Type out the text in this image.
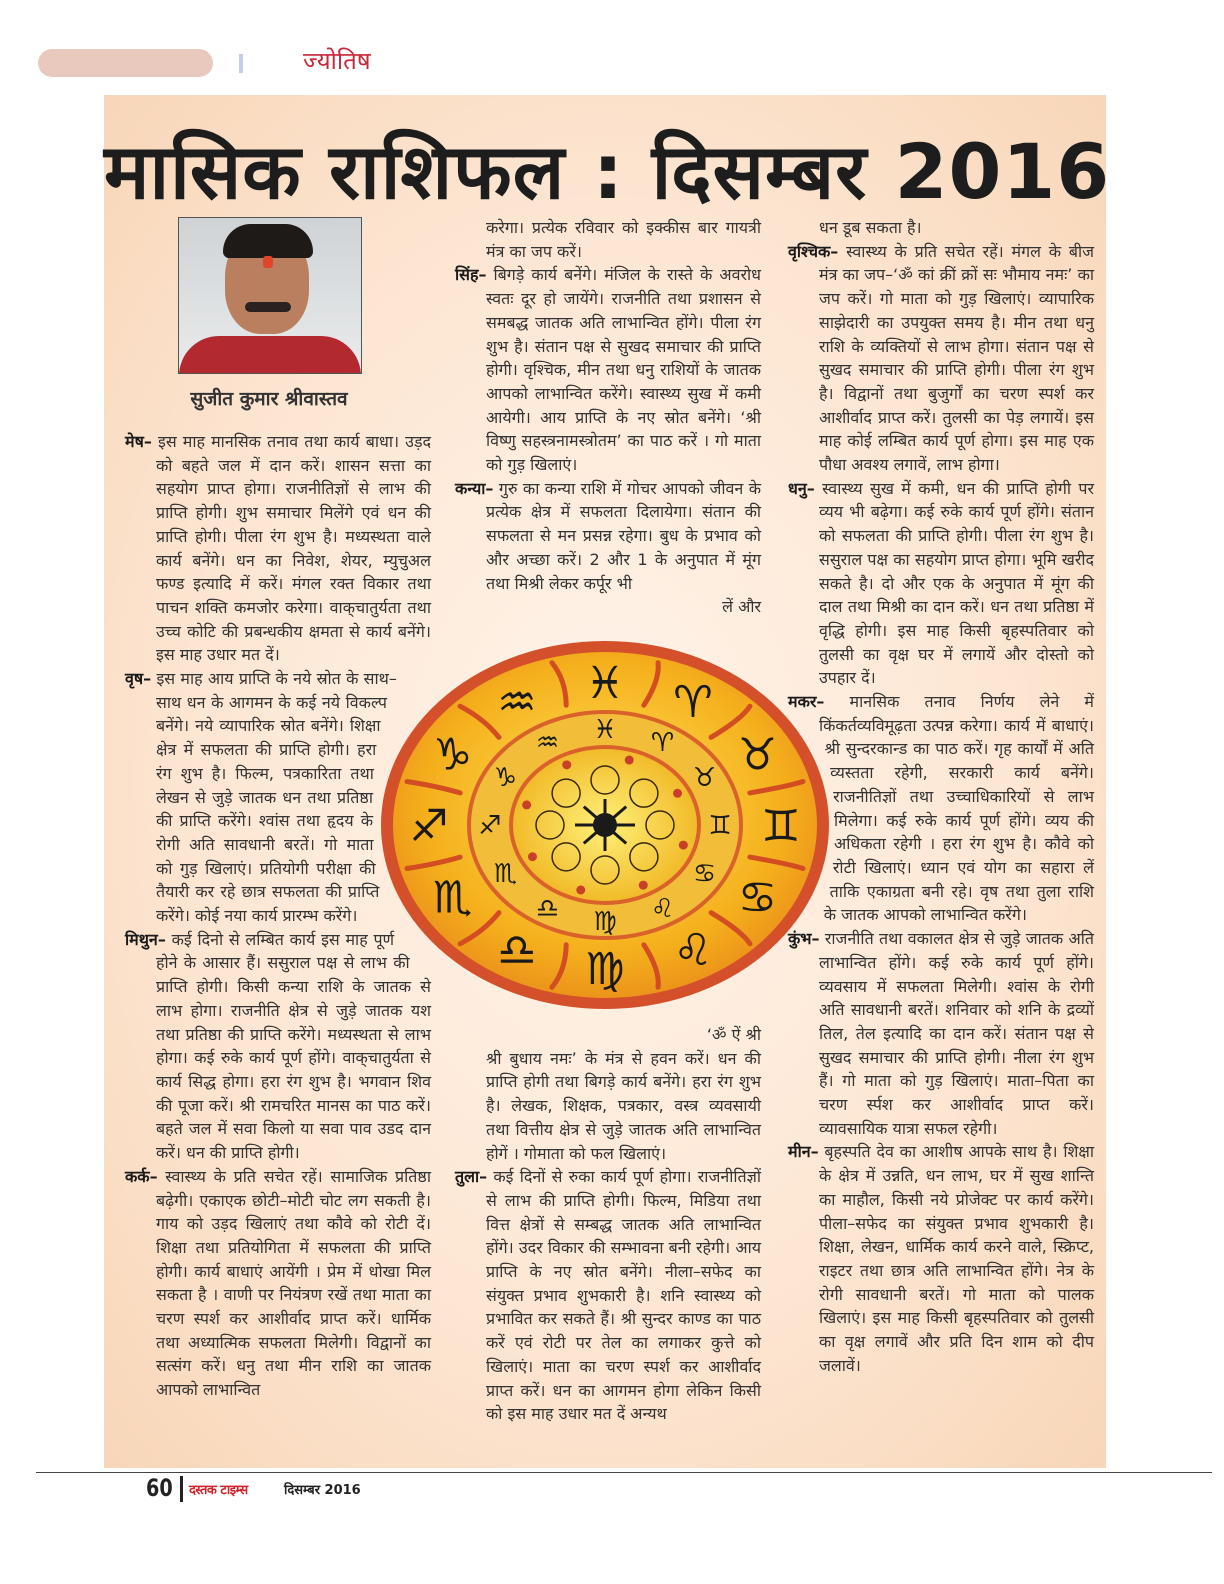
ज्योतिष
मासिक राशिफल : दिसम्बर 2016
सुजीत कुमार श्रीवास्तव

मेष– इस माह मानसिक तनाव तथा कार्य बाधा। उड़द को बहते जल में दान करें। शासन सत्ता का सहयोग प्राप्त होगा। राजनीतिज्ञों से लाभ की प्राप्ति होगी। शुभ समाचार मिलेंगे एवं धन की प्राप्ति होगी। पीला रंग शुभ है। मध्यस्थता वाले कार्य बनेंगे। धन का निवेश, शेयर, म्युचुअल फण्ड इत्यादि में करें। मंगल रक्त विकार तथा पाचन शक्ति कमजोर करेगा। वाक्‌चातुर्यता तथा उच्च कोटि की प्रबन्धकीय क्षमता से कार्य बनेंगे। इस माह उधार मत दें।

वृष– इस माह आय प्राप्ति के नये स्रोत के साथ–साथ धन के आगमन के कई नये विकल्प बनेंगे। नये व्यापारिक स्रोत बनेंगे। शिक्षा क्षेत्र में सफलता की प्राप्ति होगी। हरा रंग शुभ है। फिल्म, पत्रकारिता तथा लेखन से जुड़े जातक धन तथा प्रतिष्ठा की प्राप्ति करेंगे। श्वांस तथा हृदय के रोगी अति सावधानी बरतें। गो माता को गुड़ खिलाएं। प्रतियोगी परीक्षा की तैयारी कर रहे छात्र सफलता की प्राप्ति करेंगे। कोई नया कार्य प्रारम्भ करेंगे।

मिथुन– कई दिनो से लम्बित कार्य इस माह पूर्ण होने के आसार हैं। ससुराल पक्ष से लाभ की प्राप्ति होगी। किसी कन्या राशि के जातक से लाभ होगा। राजनीति क्षेत्र से जुड़े जातक यश तथा प्रतिष्ठा की प्राप्ति करेंगे। मध्यस्थता से लाभ होगा। कई रुके कार्य पूर्ण होंगे। वाक्‌चातुर्यता से कार्य सिद्ध होगा। हरा रंग शुभ है। भगवान शिव की पूजा करें। श्री रामचरित मानस का पाठ करें। बहते जल में सवा किलो या सवा पाव उडद दान करें। धन की प्राप्ति होगी।

कर्क– स्वास्थ्य के प्रति सचेत रहें। सामाजिक प्रतिष्ठा बढ़ेगी। एकाएक छोटी–मोटी चोट लग सकती है। गाय को उड़द खिलाएं तथा कौवे को रोटी दें। शिक्षा तथा प्रतियोगिता में सफलता की प्राप्ति होगी। कार्य बाधाएं आयेंगी । प्रेम में धोखा मिल सकता है । वाणी पर नियंत्रण रखें तथा माता का चरण स्पर्श कर आशीर्वाद प्राप्त करें। धार्मिक तथा अध्यात्मिक सफलता मिलेगी। विद्वानों का सत्संग करें। धनु तथा मीन राशि का जातक आपको लाभान्वित

करेगा। प्रत्येक रविवार को इक्कीस बार गायत्री मंत्र का जप करें।

सिंह– बिगड़े कार्य बनेंगे। मंजिल के रास्ते के अवरोध स्वतः दूर हो जायेंगे। राजनीति तथा प्रशासन से समबद्ध जातक अति लाभान्वित होंगे। पीला रंग शुभ है। संतान पक्ष से सुखद समाचार की प्राप्ति होगी। वृश्चिक, मीन तथा धनु राशियों के जातक आपको लाभान्वित करेंगे। स्वास्थ्य सुख में कमी आयेगी। आय प्राप्ति के नए स्रोत बनेंगे। ‘श्री विष्णु सहस्त्रनामस्त्रोतम’ का पाठ करें । गो माता को गुड़ खिलाएं।

कन्या– गुरु का कन्या राशि में गोचर आपको जीवन के प्रत्येक क्षेत्र में सफलता दिलायेगा। संतान की सफलता से मन प्रसन्न रहेगा। बुध के प्रभाव को और अच्छा करें। 2 और 1 के अनुपात में मूंग तथा मिश्री लेकर कर्पूर भी

लें और

♓ ♈
♉
♊
♋
♌
♍
♎
♏
♐
♑
♒
♓ ♈
♉
♊
♋
♌
♍
♎
♏
♐
♑
♒

‘ॐ ऐं श्री

श्री बुधाय नमः’ के मंत्र से हवन करें। धन की प्राप्ति होगी तथा बिगड़े कार्य बनेंगे। हरा रंग शुभ है। लेखक, शिक्षक, पत्रकार, वस्त्र व्यवसायी तथा वित्तीय क्षेत्र से जुड़े जातक अति लाभान्वित होगें । गोमाता को फल खिलाएं।

तुला– कई दिनों से रुका कार्य पूर्ण होगा। राजनीतिज्ञों से लाभ की प्राप्ति होगी। फिल्म, मिडिया तथा वित्त क्षेत्रों से सम्बद्ध जातक अति लाभान्वित होंगे। उदर विकार की सम्भावना बनी रहेगी। आय प्राप्ति के नए स्रोत बनेंगे। नीला–सफेद का संयुक्त प्रभाव शुभकारी है। शनि स्वास्थ्य को प्रभावित कर सकते हैं। श्री सुन्दर काण्ड का पाठ करें एवं रोटी पर तेल का लगाकर कुत्ते को खिलाएं। माता का चरण स्पर्श कर आशीर्वाद प्राप्त करें। धन का आगमन होगा लेकिन किसी को इस माह उधार मत दें अन्यथ

धन डूब सकता है।

वृश्चिक– स्वास्थ्य के प्रति सचेत रहें। मंगल के बीज मंत्र का जप–‘ॐ कां क्रीं क्रों सः भौमाय नमः’ का जप करें। गो माता को गुड़ खिलाएं। व्यापारिक साझेदारी का उपयुक्त समय है। मीन तथा धनु राशि के व्यक्तियों से लाभ होगा। संतान पक्ष से सुखद समाचार की प्राप्ति होगी। पीला रंग शुभ है। विद्वानों तथा बुजुर्गों का चरण स्पर्श कर आशीर्वाद प्राप्त करें। तुलसी का पेड़ लगायें। इस माह कोई लम्बित कार्य पूर्ण होगा। इस माह एक पौधा अवश्य लगावें, लाभ होगा।

धनु– स्वास्थ्य सुख में कमी, धन की प्राप्ति होगी पर व्यय भी बढ़ेगा। कई रुके कार्य पूर्ण होंगे। संतान को सफलता की प्राप्ति होगी। पीला रंग शुभ है। ससुराल पक्ष का सहयोग प्राप्त होगा। भूमि खरीद सकते है। दो और एक के अनुपात में मूंग की दाल तथा मिश्री का दान करें। धन तथा प्रतिष्ठा में वृद्धि होगी। इस माह किसी बृहस्पतिवार को तुलसी का वृक्ष घर में लगायें और दोस्तो को उपहार दें।

मकर– मानसिक तनाव निर्णय लेने में किंकर्तव्यविमूढ़ता उत्पन्न करेगा। कार्य में बाधाएं। श्री सुन्दरकान्ड का पाठ करें। गृह कार्यों में अति व्यस्तता रहेगी, सरकारी कार्य बनेंगे। राजनीतिज्ञों तथा उच्चाधिकारियों से लाभ मिलेगा। कई रुके कार्य पूर्ण होंगे। व्यय की अधिकता रहेगी । हरा रंग शुभ है। कौवे को रोटी खिलाएं। ध्यान एवं योग का सहारा लें ताकि एकाग्रता बनी रहे। वृष तथा तुला राशि के जातक आपको लाभान्वित करेंगे।

कुंभ– राजनीति तथा वकालत क्षेत्र से जुड़े जातक अति लाभान्वित होंगे। कई रुके कार्य पूर्ण होंगे। व्यवसाय में सफलता मिलेगी। श्वांस के रोगी अति सावधानी बरतें। शनिवार को शनि के द्रव्यों तिल, तेल इत्यादि का दान करें। संतान पक्ष से सुखद समाचार की प्राप्ति होगी। नीला रंग शुभ हैं। गो माता को गुड़ खिलाएं। माता–पिता का चरण र्स्पश कर आशीर्वाद प्राप्त करें। व्यावसायिक यात्रा सफल रहेगी।

मीन– बृहस्पति देव का आशीष आपके साथ है। शिक्षा के क्षेत्र में उन्नति, धन लाभ, घर में सुख शान्ति का माहौल, किसी नये प्रोजेक्ट पर कार्य करेंगे। पीला–सफेद का संयुक्त प्रभाव शुभकारी है। शिक्षा, लेखन, धार्मिक कार्य करने वाले, स्क्रिप्ट, राइटर तथा छात्र अति लाभान्वित होंगे। नेत्र के रोगी सावधानी बरतें। गो माता को पालक खिलाएं। इस माह किसी बृहस्पतिवार को तुलसी का वृक्ष लगावें और प्रति दिन शाम को दीप जलावें।

60 दस्तक टाइम्स	दिसम्बर 2016
